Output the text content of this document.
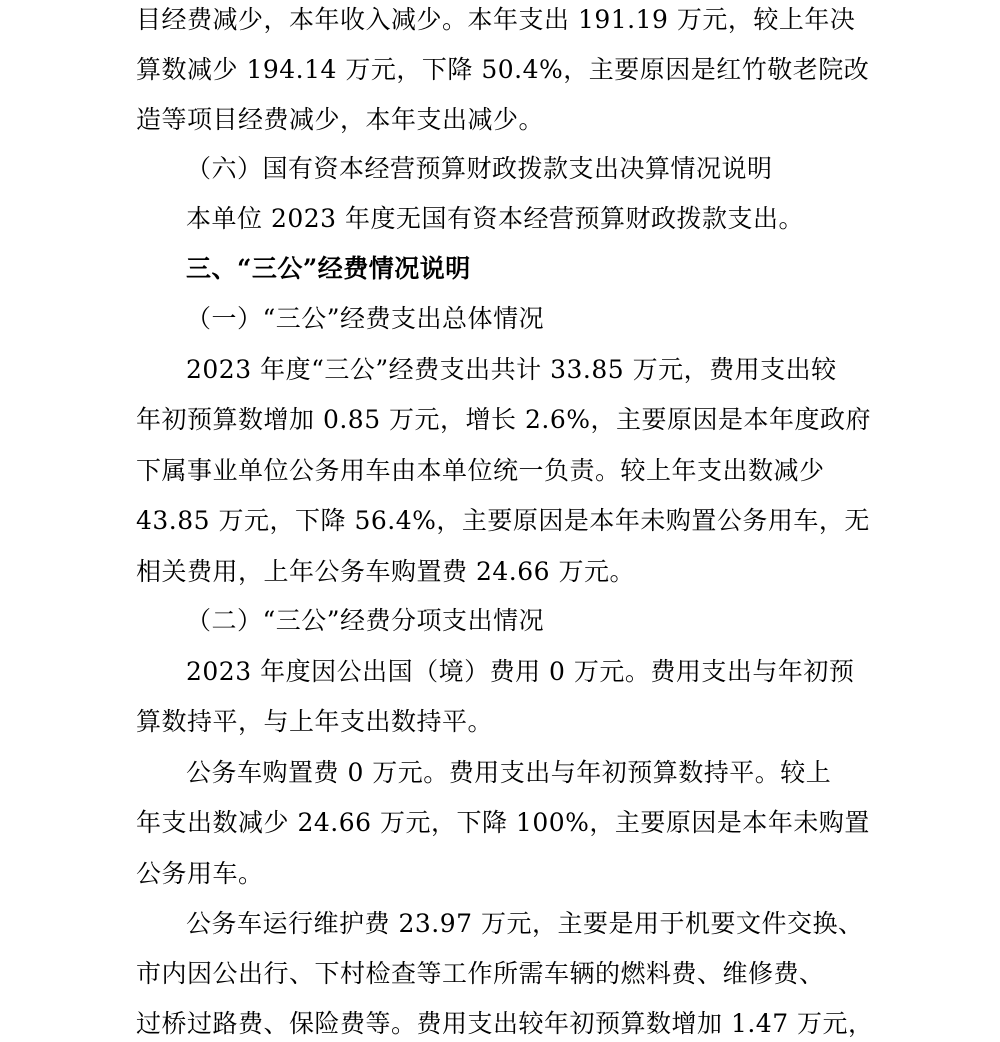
目经费减少，本年收入减少。本年支出 191.19 万元，较上年决
算数减少 194.14 万元，下降 50.4%，主要原因是红竹敬老院改
造等项目经费减少，本年支出减少。
（六）国有资本经营预算财政拨款支出决算情况说明
本单位 2023 年度无国有资本经营预算财政拨款支出。
三、“三公”经费情况说明
（一）“三公”经费支出总体情况
2023 年度“三公”经费支出共计 33.85 万元，费用支出较
年初预算数增加 0.85 万元，增长 2.6%，主要原因是本年度政府
下属事业单位公务用车由本单位统一负责。较上年支出数减少
43.85 万元，下降 56.4%，主要原因是本年未购置公务用车，无
相关费用，上年公务车购置费 24.66 万元。
（二）“三公”经费分项支出情况
2023 年度因公出国（境）费用 0 万元。费用支出与年初预
算数持平，与上年支出数持平。
公务车购置费 0 万元。费用支出与年初预算数持平。较上
年支出数减少 24.66 万元，下降 100%，主要原因是本年未购置
公务用车。
公务车运行维护费 23.97 万元，主要是用于机要文件交换、
市内因公出行、下村检查等工作所需车辆的燃料费、维修费、
过桥过路费、保险费等。费用支出较年初预算数增加 1.47 万元，
